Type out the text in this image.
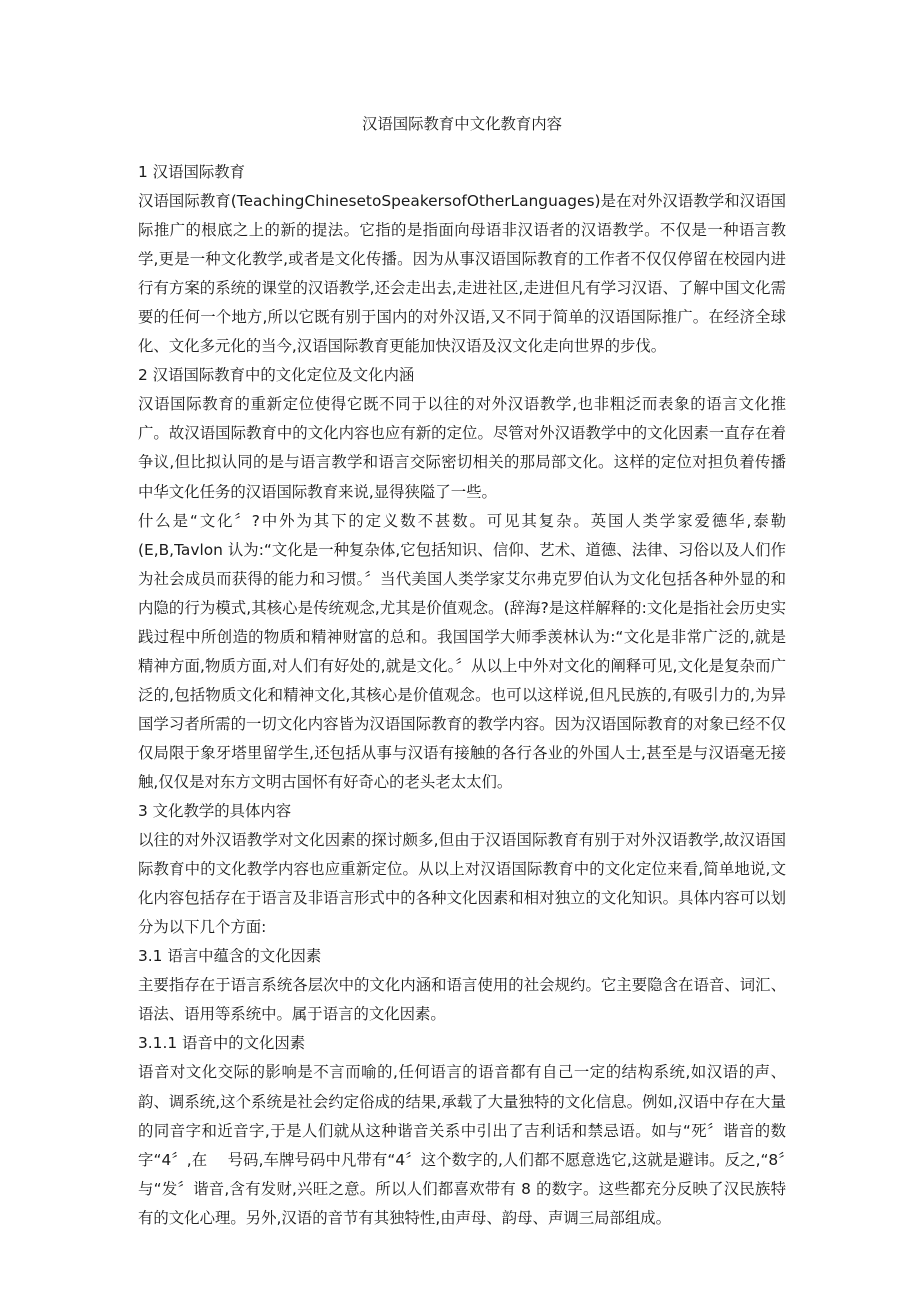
汉语国际教育中文化教育内容

1 汉语国际教育

汉语国际教育(TeachingChinesetoSpeakersofOtherLanguages)是在对外汉语教学和汉语国际推广的根底之上的新的提法。它指的是指面向母语非汉语者的汉语教学。不仅是一种语言教学,更是一种文化教学,或者是文化传播。因为从事汉语国际教育的工作者不仅仅停留在校园内进行有方案的系统的课堂的汉语教学,还会走出去,走进社区,走进但凡有学习汉语、了解中国文化需要的任何一个地方,所以它既有别于国内的对外汉语,又不同于简单的汉语国际推广。在经济全球化、文化多元化的当今,汉语国际教育更能加快汉语及汉文化走向世界的步伐。

2 汉语国际教育中的文化定位及文化内涵

汉语国际教育的重新定位使得它既不同于以往的对外汉语教学,也非粗泛而表象的语言文化推广。故汉语国际教育中的文化内容也应有新的定位。尽管对外汉语教学中的文化因素一直存在着争议,但比拟认同的是与语言教学和语言交际密切相关的那局部文化。这样的定位对担负着传播中华文化任务的汉语国际教育来说,显得狭隘了一些。

什么是“文化〞?中外为其下的定义数不甚数。可见其复杂。英国人类学家爱德华,泰勒(E,B,Tavlon 认为:“文化是一种复杂体,它包括知识、信仰、艺术、道德、法律、习俗以及人们作为社会成员而获得的能力和习惯。〞当代美国人类学家艾尔弗克罗伯认为文化包括各种外显的和内隐的行为模式,其核心是传统观念,尤其是价值观念。(辞海?是这样解释的:文化是指社会历史实践过程中所创造的物质和精神财富的总和。我国国学大师季羡林认为:“文化是非常广泛的,就是精神方面,物质方面,对人们有好处的,就是文化。〞从以上中外对文化的阐释可见,文化是复杂而广泛的,包括物质文化和精神文化,其核心是价值观念。也可以这样说,但凡民族的,有吸引力的,为异国学习者所需的一切文化内容皆为汉语国际教育的教学内容。因为汉语国际教育的对象已经不仅仅局限于象牙塔里留学生,还包括从事与汉语有接触的各行各业的外国人士,甚至是与汉语毫无接触,仅仅是对东方文明古国怀有好奇心的老头老太太们。

3 文化教学的具体内容

以往的对外汉语教学对文化因素的探讨颇多,但由于汉语国际教育有别于对外汉语教学,故汉语国际教育中的文化教学内容也应重新定位。从以上对汉语国际教育中的文化定位来看,简单地说,文化内容包括存在于语言及非语言形式中的各种文化因素和相对独立的文化知识。具体内容可以划分为以下几个方面:

3.1 语言中蕴含的文化因素

主要指存在于语言系统各层次中的文化内涵和语言使用的社会规约。它主要隐含在语音、词汇、语法、语用等系统中。属于语言的文化因素。

3.1.1 语音中的文化因素

语音对文化交际的影响是不言而喻的,任何语言的语音都有自己一定的结构系统,如汉语的声、韵、调系统,这个系统是社会约定俗成的结果,承载了大量独特的文化信息。例如,汉语中存在大量的同音字和近音字,于是人们就从这种谐音关系中引出了吉利话和禁忌语。如与“死〞谐音的数字“4〞,在　 号码,车牌号码中凡带有“4〞这个数字的,人们都不愿意选它,这就是避讳。反之,“8〞与“发〞谐音,含有发财,兴旺之意。所以人们都喜欢带有 8 的数字。这些都充分反映了汉民族特有的文化心理。另外,汉语的音节有其独特性,由声母、韵母、声调三局部组成。
